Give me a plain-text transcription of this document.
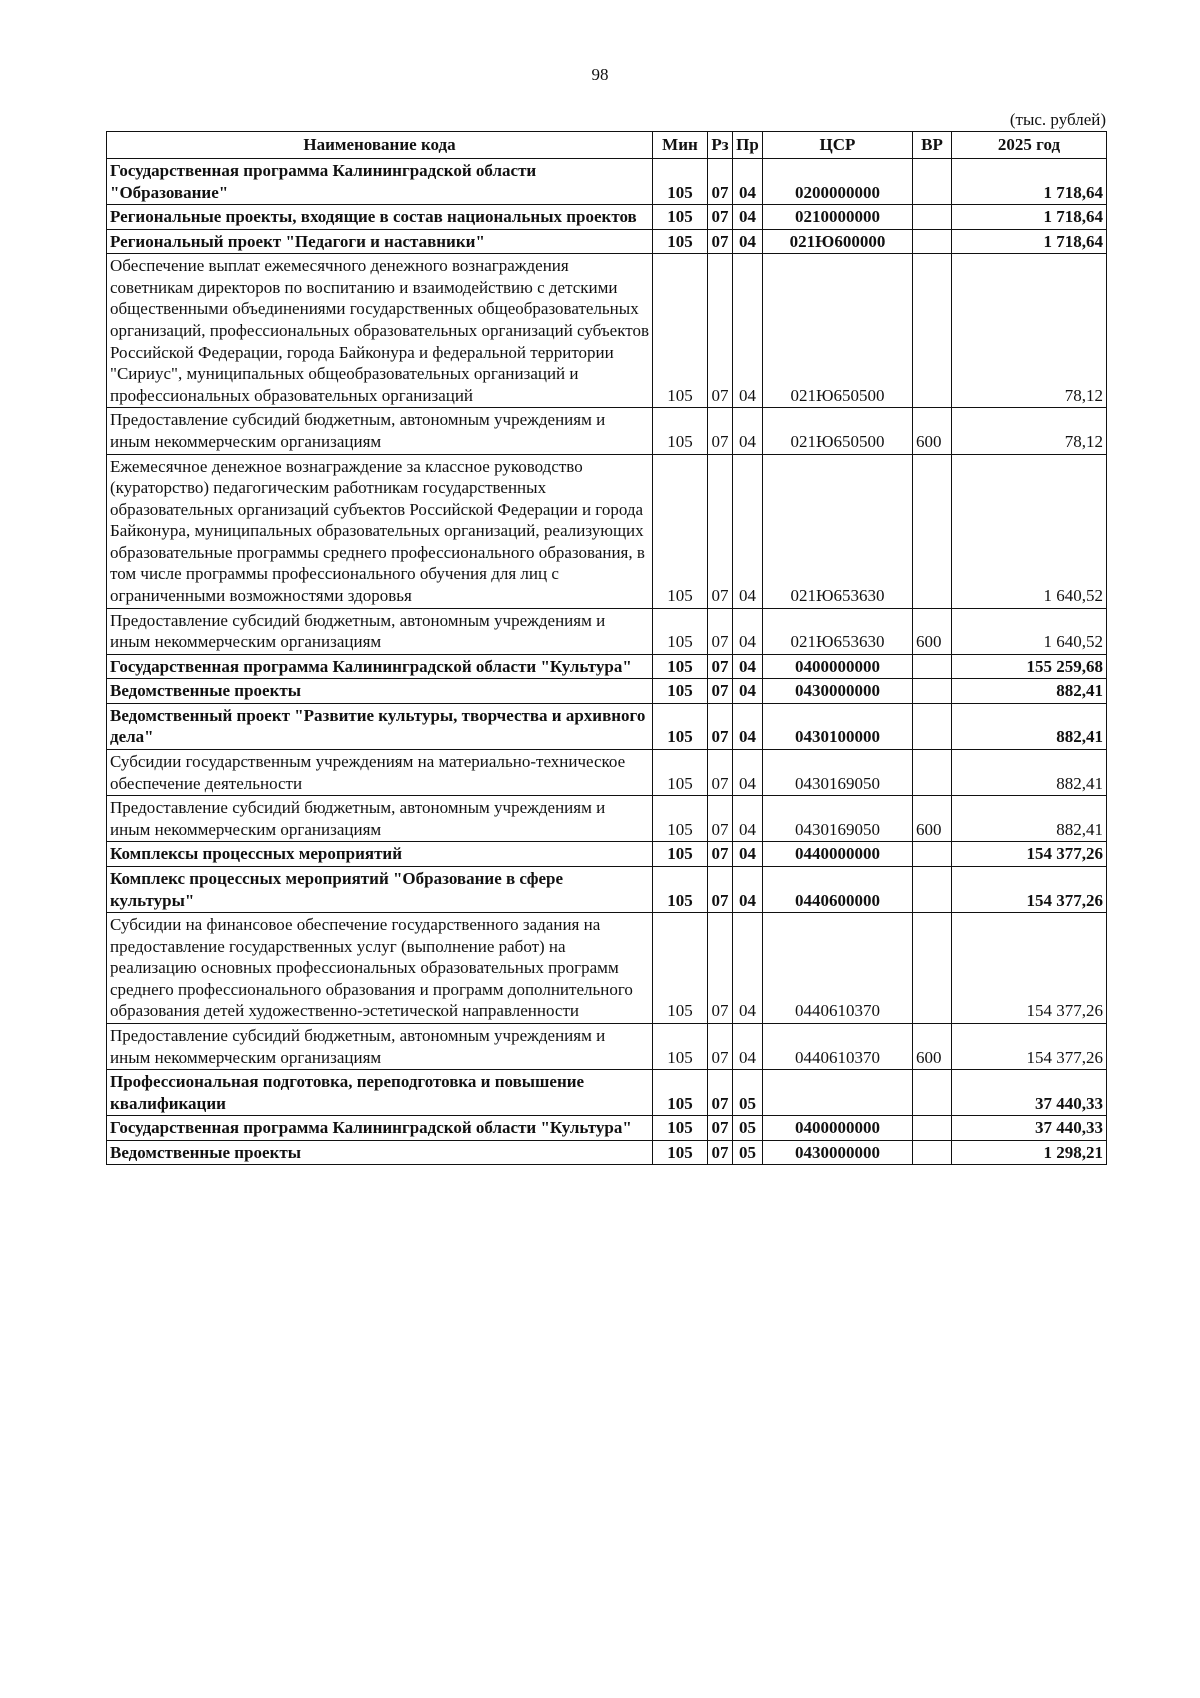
98
(тыс. рублей)
Наименование кода	Мин	Рз	Пр	ЦСР	ВР	2025 год
Государственная программа Калининградской области "Образование"	105	07	04	0200000000		1 718,64
Региональные проекты, входящие в состав национальных проектов	105	07	04	0210000000		1 718,64
Региональный проект "Педагоги и наставники"	105	07	04	021Ю600000		1 718,64
Обеспечение выплат ежемесячного денежного вознаграждения советникам директоров по воспитанию и взаимодействию с детскими общественными объединениями государственных общеобразовательных организаций, профессиональных образовательных организаций субъектов Российской Федерации, города Байконура и федеральной территории "Сириус", муниципальных общеобразовательных организаций и профессиональных образовательных организаций	105	07	04	021Ю650500		78,12
Предоставление субсидий бюджетным, автономным учреждениям и иным некоммерческим организациям	105	07	04	021Ю650500	600	78,12
Ежемесячное денежное вознаграждение за классное руководство (кураторство) педагогическим работникам государственных образовательных организаций субъектов Российской Федерации и города Байконура, муниципальных образовательных организаций, реализующих образовательные программы среднего профессионального образования, в том числе программы профессионального обучения для лиц с ограниченными возможностями здоровья	105	07	04	021Ю653630		1 640,52
Предоставление субсидий бюджетным, автономным учреждениям и иным некоммерческим организациям	105	07	04	021Ю653630	600	1 640,52
Государственная программа Калининградской области "Культура"	105	07	04	0400000000		155 259,68
Ведомственные проекты	105	07	04	0430000000		882,41
Ведомственный проект "Развитие культуры, творчества и архивного дела"	105	07	04	0430100000		882,41
Субсидии государственным учреждениям на материально-техническое обеспечение деятельности	105	07	04	0430169050		882,41
Предоставление субсидий бюджетным, автономным учреждениям и иным некоммерческим организациям	105	07	04	0430169050	600	882,41
Комплексы процессных мероприятий	105	07	04	0440000000		154 377,26
Комплекс процессных мероприятий "Образование в сфере культуры"	105	07	04	0440600000		154 377,26
Субсидии на финансовое обеспечение государственного задания на предоставление государственных услуг (выполнение работ) на реализацию основных профессиональных образовательных программ среднего профессионального образования и программ дополнительного образования детей художественно-эстетической направленности	105	07	04	0440610370		154 377,26
Предоставление субсидий бюджетным, автономным учреждениям и иным некоммерческим организациям	105	07	04	0440610370	600	154 377,26
Профессиональная подготовка, переподготовка и повышение квалификации	105	07	05			37 440,33
Государственная программа Калининградской области "Культура"	105	07	05	0400000000		37 440,33
Ведомственные проекты	105	07	05	0430000000		1 298,21
